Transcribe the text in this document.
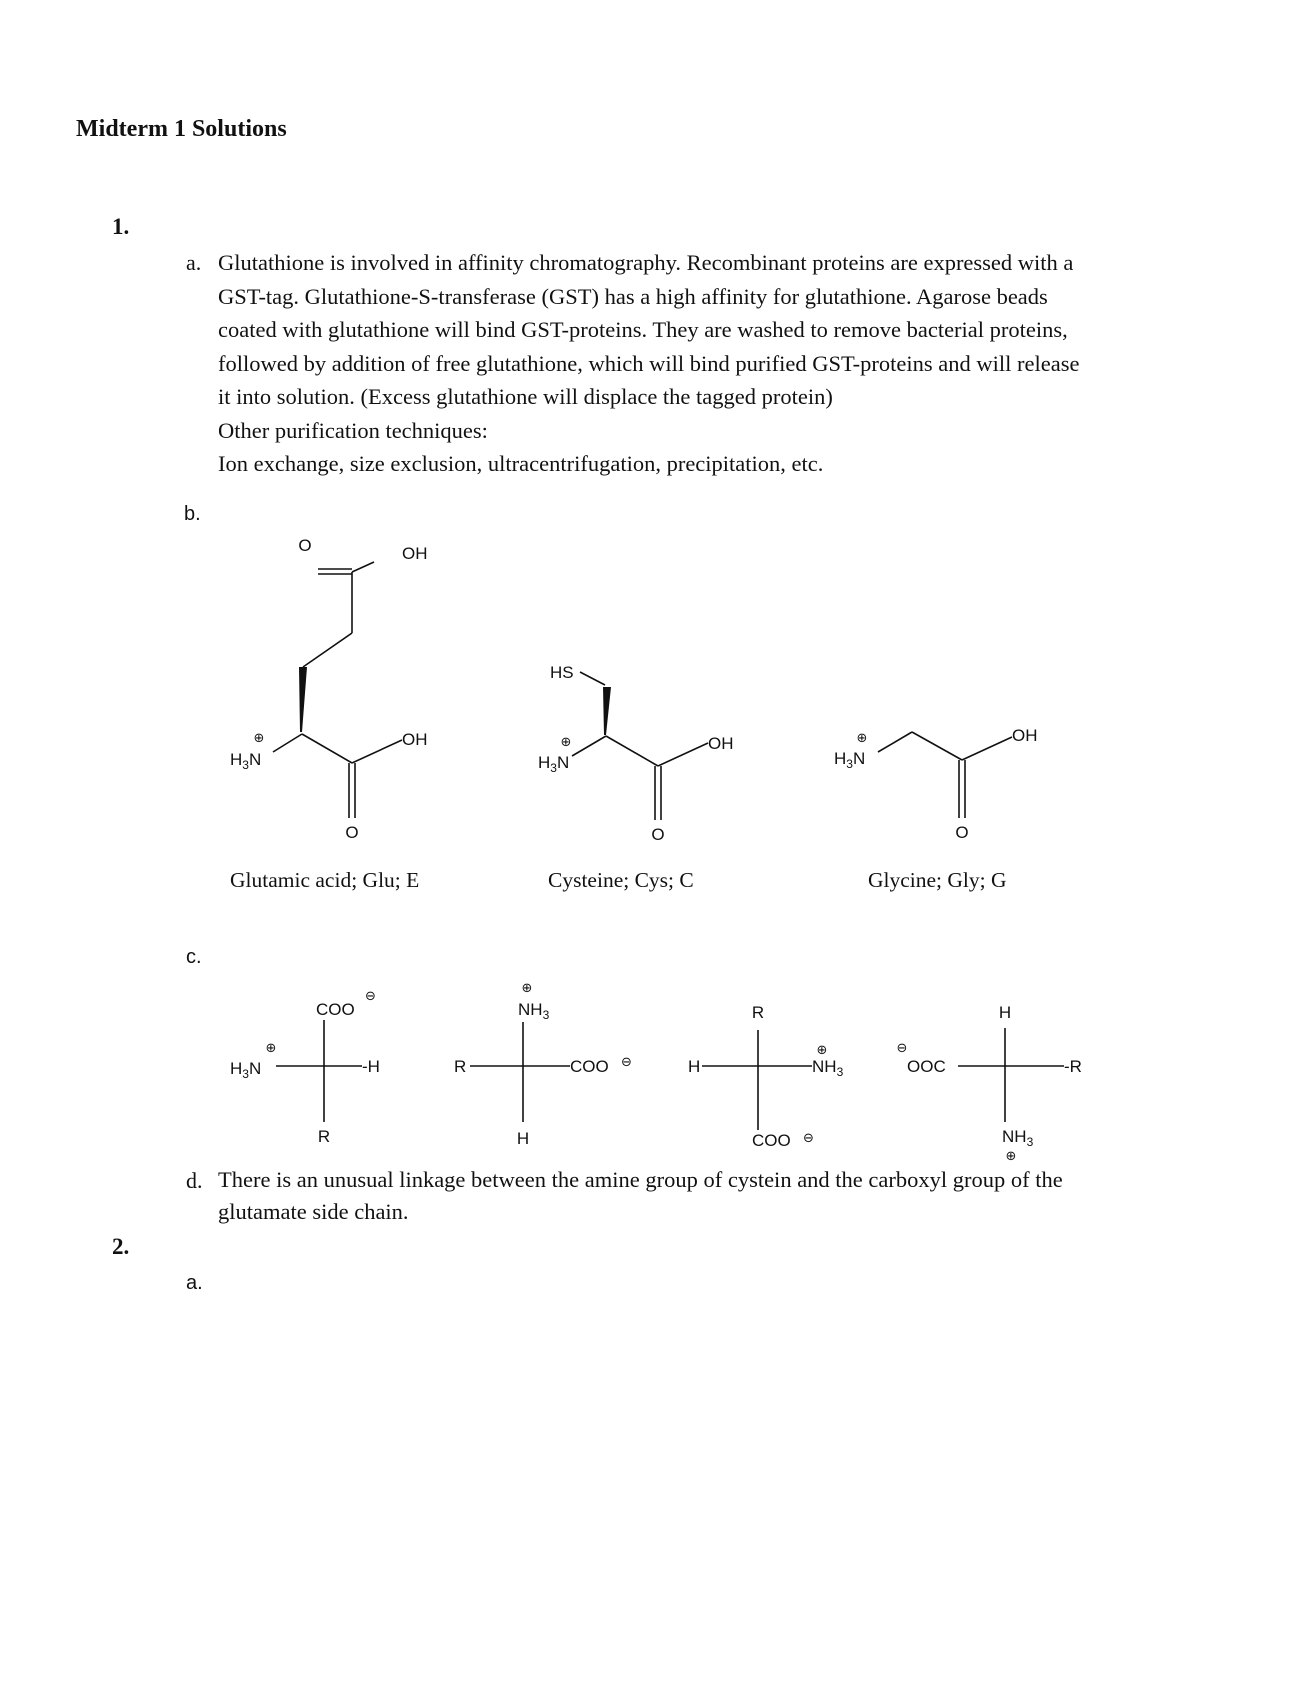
Midterm 1 Solutions
1.
a. Glutathione is involved in affinity chromatography. Recombinant proteins are expressed with a
GST-tag. Glutathione-S-transferase (GST) has a high affinity for glutathione. Agarose beads
coated with glutathione will bind GST-proteins. They are washed to remove bacterial proteins,
followed by addition of free glutathione, which will bind purified GST-proteins and will release
it into solution. (Excess glutathione will displace the tagged protein)
Other purification techniques:
Ion exchange, size exclusion, ultracentrifugation, precipitation, etc.
b.
O	OH
OH
O
⊕
$H_3N$
HS
OH
O
⊕
$H_3N$
OH
O
⊕
$H_3N$
Glutamic acid; Glu; E	Cysteine; Cys; C	Glycine; Gly; G
c.
COO
⊖
-H
R
⊕
$H_3N$
⊕
$NH_3$
R	COO ⊖
H
R
H
⊕
$NH_3$
COO ⊖
H
⊖
OOC	-R
$NH_3$
⊕
d. There is an unusual linkage between the amine group of cystein and the carboxyl group of the
glutamate side chain.
2.
a.
